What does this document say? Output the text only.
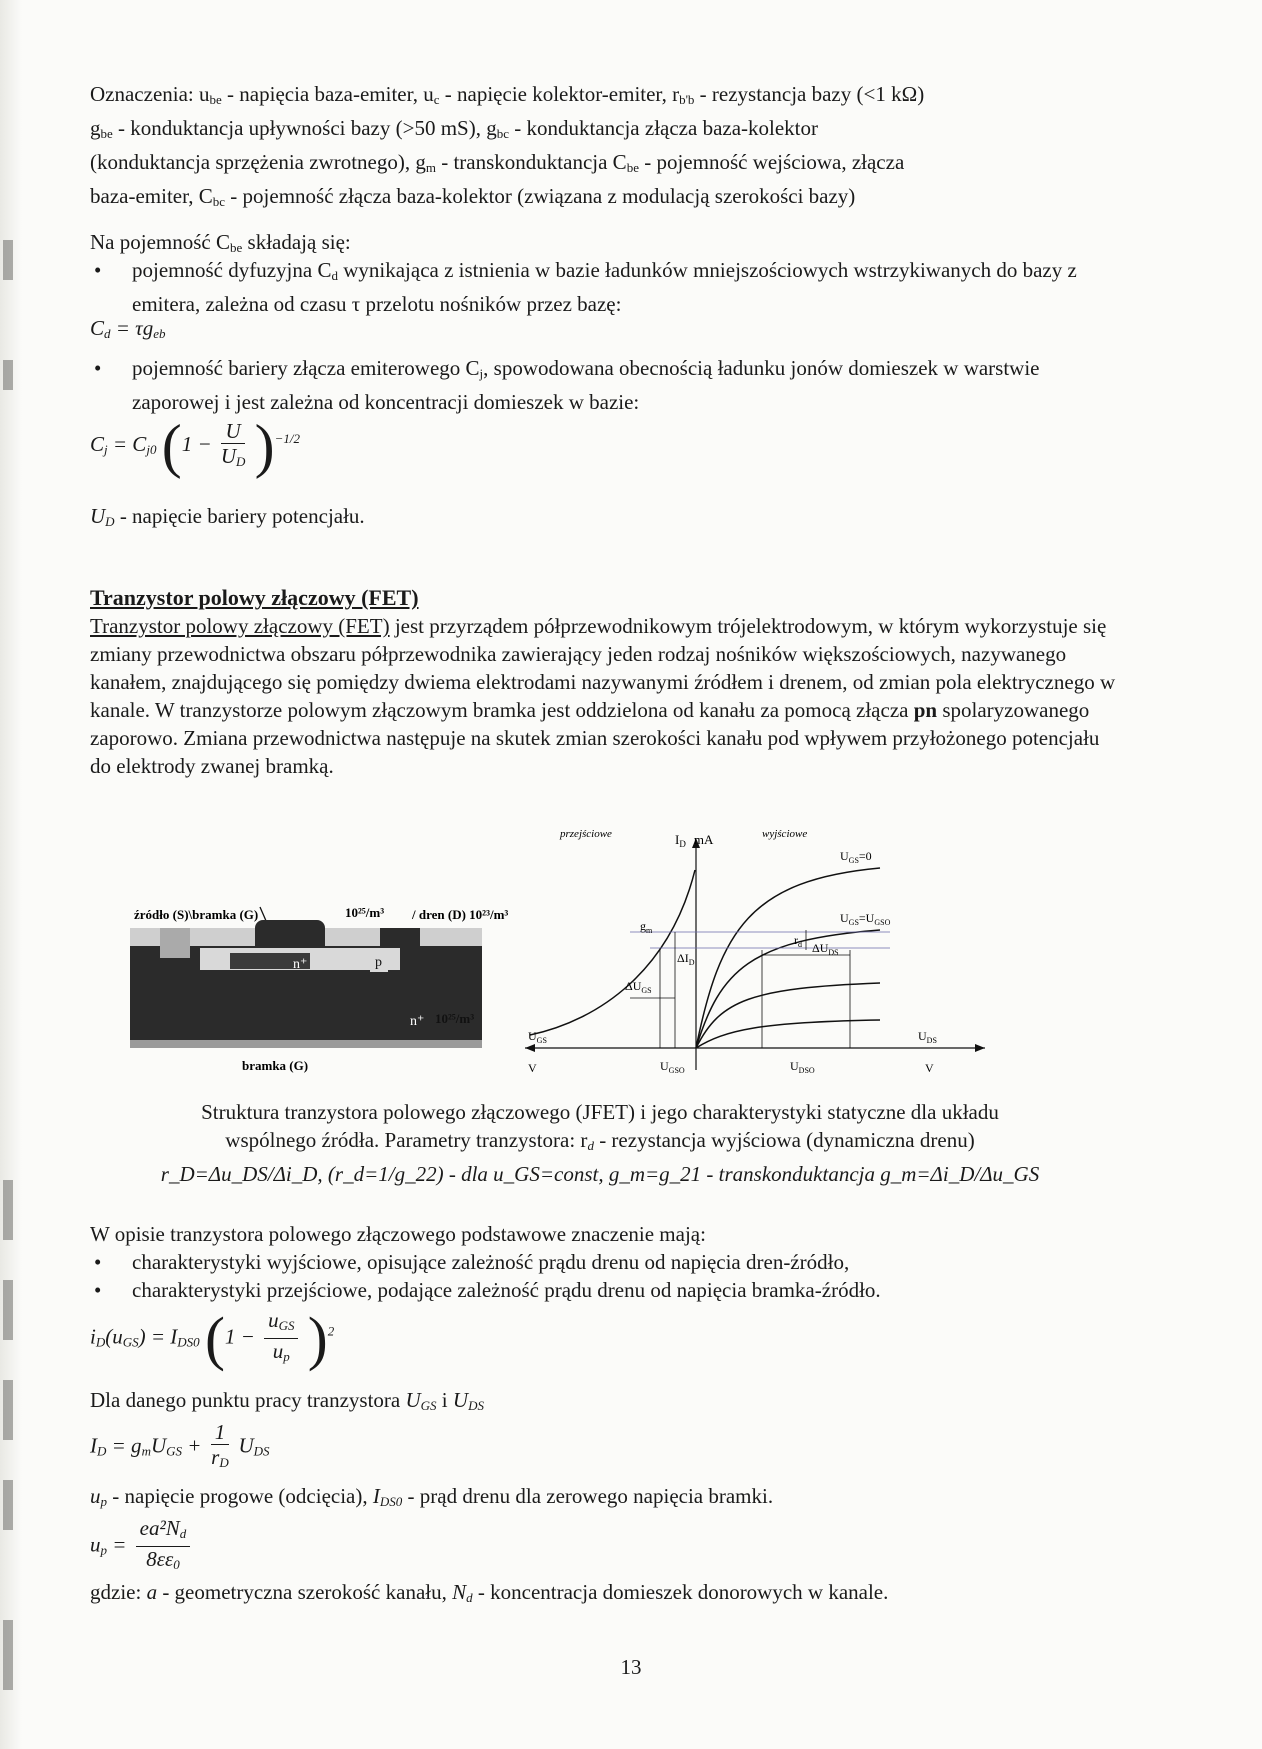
Oznaczenia: $u_{be}$ - napięcia baza-emiter, $u_c$ - napięcie kolektor-emiter, $r_{b'b}$ - rezystancja bazy (<1 kΩ)
$g_{be}$ - konduktancja upływności bazy (>50 mS), $g_{bc}$ - konduktancja złącza baza-kolektor
(konduktancja sprzężenia zwrotnego), $g_m$ - transkonduktancja $C_{be}$ - pojemność wejściowa, złącza
baza-emiter, $C_{bc}$ - pojemność złącza baza-kolektor (związana z modulacją szerokości bazy)

Na pojemność $C_{be}$ składają się:

• pojemność dyfuzyjna $C_d$ wynikająca z istnienia w bazie ładunków mniejszościowych wstrzykiwanych do bazy z emitera, zależna od czasu τ przelotu nośników przez bazę:

$C_d = \tau g_{eb}$

• pojemność bariery złącza emiterowego $C_j$, spowodowana obecnością ładunku jonów domieszek w warstwie zaporowej i jest zależna od koncentracji domieszek w bazie:
$C_j = C_{j0}$ $(1 - \frac{U}{U_D} )^{-1/2}$

$U_D$ - napięcie bariery potencjału.

Tranzystor polowy złączowy (FET)

Tranzystor polowy złączowy (FET) jest przyrządem półprzewodnikowym trójelektrodowym, w którym wykorzystuje się zmiany przewodnictwa obszaru półprzewodnika zawierający jeden rodzaj nośników większościowych, nazywanego kanałem, znajdującego się pomiędzy dwiema elektrodami nazywanymi źródłem i drenem, od zmian pola elektrycznego w kanale. W tranzystorze polowym złączowym bramka jest oddzielona od kanału za pomocą złącza pn spolaryzowanego zaporowo. Zmiana przewodnictwa następuje na skutek zmian szerokości kanału pod wpływem przyłożonego potencjału do elektrody zwanej bramką.

źródło (S)\bramka (G)	10²⁵/m³ / dren (D) 10²³/m³
n⁺	p
n⁺ 10²⁵/m³
bramka (G)
przejściowe	wyjściowe
$I_D$ mA
$U_{GS}=0$
$U_{GS}=U_{GSO}$
$g_m$
$r_d$ $\Delta U_{DS}$
$\Delta I_D$
$\Delta U_{GS}$
$U_{GS}$
V	$U_{GSO}$	$U_{DSO}$
$U_{DS}$
V

Struktura tranzystora polowego złączowego (JFET) i jego charakterystyki statyczne dla układu

wspólnego źródła. Parametry tranzystora: $r_d$ - rezystancja wyjściowa (dynamiczna drenu)

r_D=Δu_DS/Δi_D, (r_d=1/g_22) - dla u_GS=const, g_m=g_21 - transkonduktancja g_m=Δi_D/Δu_GS

W opisie tranzystora polowego złączowego podstawowe znaczenie mają:

• charakterystyki wyjściowe, opisujące zależność prądu drenu od napięcia dren-źródło,
• charakterystyki przejściowe, podające zależność prądu drenu od napięcia bramka-źródło.
$i_D(u_{GS}) = I_{DS0}$ $(1 - \frac{u_{GS}}{u_p} )^2$

Dla danego punktu pracy tranzystora $U_{GS}$ i $U_{DS}$

$I_D = g_mU_{GS} + \frac{1}{r_D} U_{DS}$

$u_p$ - napięcie progowe (odcięcia), $I_{DS0}$ - prąd drenu dla zerowego napięcia bramki.

$u_p = \frac{ea^2N_d}{8\varepsilon\varepsilon_0}$

gdzie: a - geometryczna szerokość kanału, $N_d$ - koncentracja domieszek donorowych w kanale.

13
